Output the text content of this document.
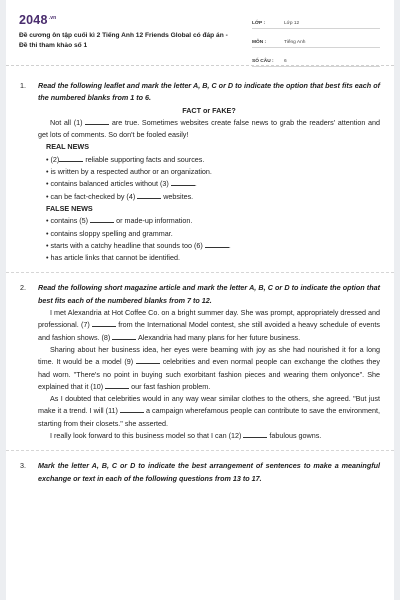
$2048^{.vn}$
Đề cương ôn tập cuối kì 2 Tiếng Anh 12 Friends Global có đáp án - Đề thi tham khảo số 1
LỚP :	Lớp 12
MÔN :	Tiếng Anh
SỐ CÂU :	6
1. Read the following leaflet and mark the letter A, B, C or D to indicate the option that best fits each of the numbered blanks from 1 to 6.
FACT or FAKE?

Not all (1)	are true. Sometimes websites create false news to grab the readers' attention and get lots of comments. So don't be fooled easily!

REAL NEWS
• (2)	reliable supporting facts and sources.
• is written by a respected author or an organization.
• contains balanced articles without (3)	.
• can be fact-checked by (4)	websites.
FALSE NEWS
• contains (5)	or made-up information.
• contains sloppy spelling and grammar.
• starts with a catchy headline that sounds too (6)	.
• has article links that cannot be identified.
2. Read the following short magazine article and mark the letter A, B, C or D to indicate the option that best fits each of the numbered blanks from 7 to 12.

I met Alexandria at Hot Coffee Co. on a bright summer day. She was prompt, appropriately dressed and professional. (7)	from the International Model contest, she still avoided a heavy schedule of events and fashion shows. (8)	Alexandria had many plans for her future business.

Sharing about her business idea, her eyes were beaming with joy as she had nourished it for a long time. It would be a model (9)	celebrities and even normal people can exchange the clothes they had worn. "There's no point in buying such exorbitant fashion pieces and wearing them onlyonce". She explained that it (10)	our fast fashion problem.

As I doubted that celebrities would in any way wear similar clothes to the others, she agreed. "But just make it a trend. I will (11)	a campaign wherefamous people can contribute to save the environment, starting from their closets." she asserted.

I really look forward to this business model so that I can (12)	fabulous gowns.

3. Mark the letter A, B, C or D to indicate the best arrangement of sentences to make a meaningful exchange or text in each of the following questions from 13 to 17.
